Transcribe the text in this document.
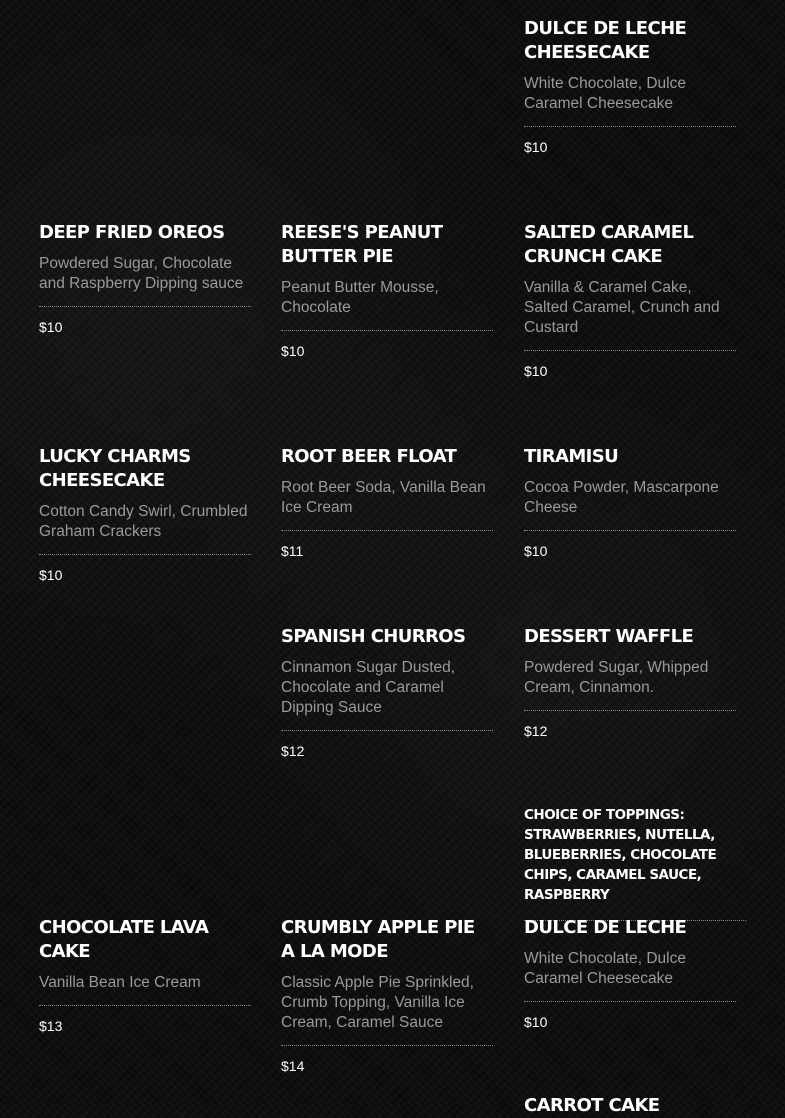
DULCE DE LECHE CHEESECAKE
White Chocolate, Dulce Caramel Cheesecake
$10
DEEP FRIED OREOS
Powdered Sugar, Chocolate and Raspberry Dipping sauce
$10
REESE'S PEANUT BUTTER PIE
Peanut Butter Mousse, Chocolate
$10
SALTED CARAMEL CRUNCH CAKE
Vanilla & Caramel Cake, Salted Caramel, Crunch and Custard
$10
LUCKY CHARMS CHEESECAKE
Cotton Candy Swirl, Crumbled Graham Crackers
$10
ROOT BEER FLOAT
Root Beer Soda, Vanilla Bean Ice Cream
$11
TIRAMISU
Cocoa Powder, Mascarpone Cheese
$10
SPANISH CHURROS
Cinnamon Sugar Dusted, Chocolate and Caramel Dipping Sauce
$12
DESSERT WAFFLE
Powdered Sugar, Whipped Cream, Cinnamon.
$12
CHOICE OF TOPPINGS: STRAWBERRIES, NUTELLA, BLUEBERRIES, CHOCOLATE CHIPS, CARAMEL SAUCE, RASPBERRY
CHOCOLATE LAVA CAKE
Vanilla Bean Ice Cream
$13
CRUMBLY APPLE PIE A LA MODE
Classic Apple Pie Sprinkled, Crumb Topping, Vanilla Ice Cream, Caramel Sauce
$14
DULCE DE LECHE
White Chocolate, Dulce Caramel Cheesecake
$10
CARROT CAKE
